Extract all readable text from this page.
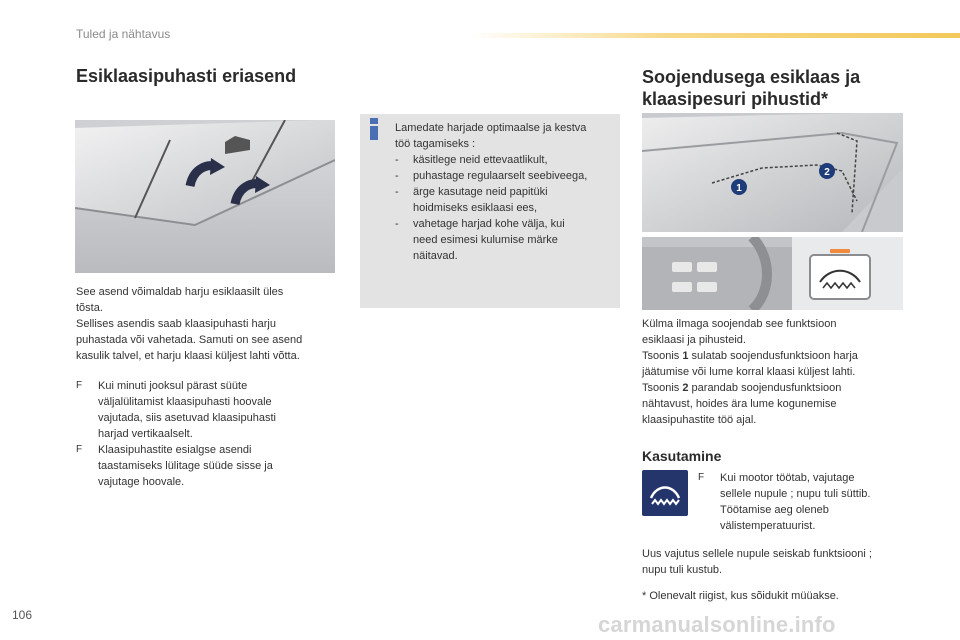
Tuled ja nähtavus
Esiklaasipuhasti eriasend
See asend võimaldab harju esiklaasilt üles
tõsta.
Sellises asendis saab klaasipuhasti harju
puhastada või vahetada. Samuti on see asend
kasulik talvel, et harju klaasi küljest lahti võtta.
F Kui minuti jooksul pärast süüte
väljalülitamist klaasipuhasti hoovale
vajutada, siis asetuvad klaasipuhasti
harjad vertikaalselt.
F Klaasipuhastite esialgse asendi
taastamiseks lülitage süüde sisse ja
vajutage hoovale.
Lamedate harjade optimaalse ja kestva
töö tagamiseks :
- käsitlege neid ettevaatlikult,
- puhastage regulaarselt seebiveega,
- ärge kasutage neid papitüki
hoidmiseks esiklaasi ees,
- vahetage harjad kohe välja, kui
need esimesi kulumise märke
näitavad.
Soojendusega esiklaas ja
klaasipesuri pihustid*
1
2
Külma ilmaga soojendab see funktsioon
esiklaasi ja pihusteid.
Tsoonis 1 sulatab soojendusfunktsioon harja
jäätumise või lume korral klaasi küljest lahti.
Tsoonis 2 parandab soojendusfunktsioon
nähtavust, hoides ära lume kogunemise
klaasipuhastite töö ajal.
Kasutamine
F Kui mootor töötab, vajutage
sellele nupule ; nupu tuli süttib.
Töötamise aeg oleneb
välistemperatuurist.
Uus vajutus sellele nupule seiskab funktsiooni ;
nupu tuli kustub.
* Olenevalt riigist, kus sõidukit müüakse.
106	carmanualsonline.info
